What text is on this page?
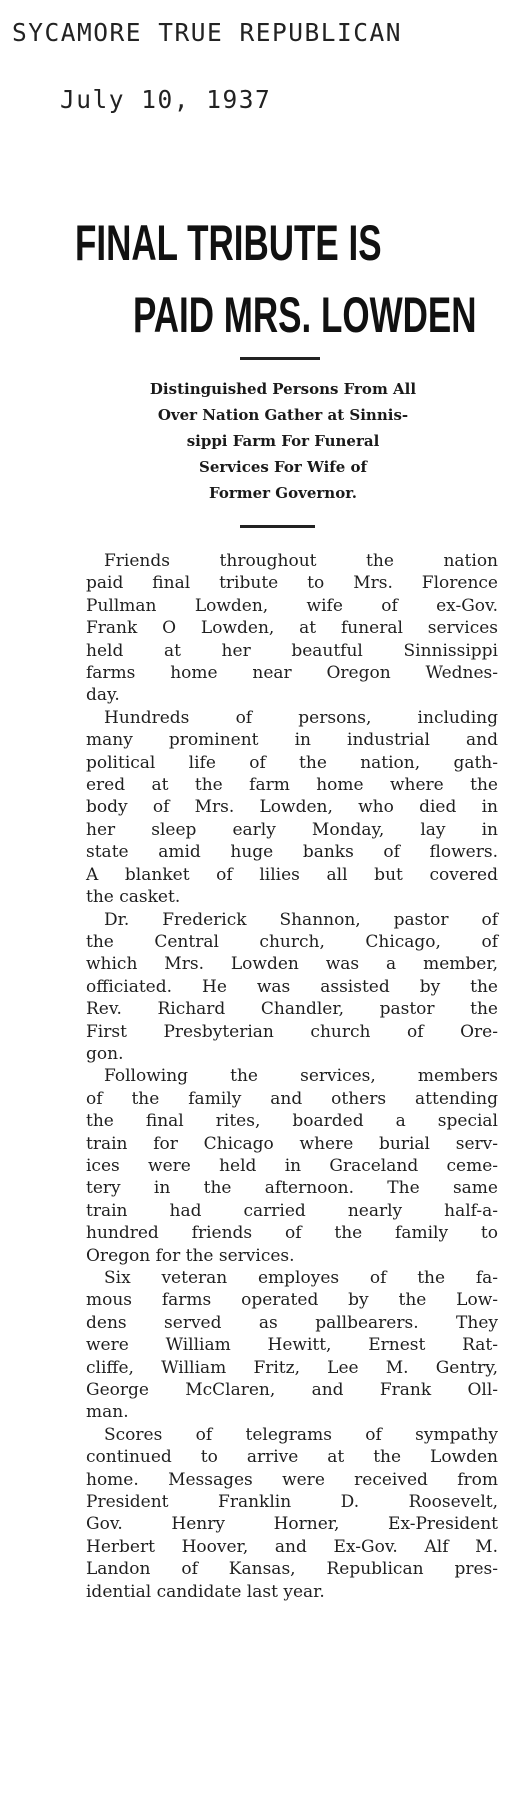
SYCAMORE TRUE REPUBLICAN
July 10, 1937
FINAL TRIBUTE IS
PAID MRS. LOWDEN
Distinguished Persons From All
Over Nation Gather at Sinnis-
sippi Farm For Funeral
Services For Wife of
Former Governor.
Friends throughout the nation
paid final tribute to Mrs. Florence
Pullman Lowden, wife of ex-Gov.
Frank O Lowden, at funeral services
held at her beautful Sinnissippi
farms home near Oregon Wednes-
day.
Hundreds of persons, including
many prominent in industrial and
political life of the nation, gath-
ered at the farm home where the
body of Mrs. Lowden, who died in
her sleep early Monday, lay in
state amid huge banks of flowers.
A blanket of lilies all but covered
the casket.
Dr. Frederick Shannon, pastor of
the Central church, Chicago, of
which Mrs. Lowden was a member,
officiated. He was assisted by the
Rev. Richard Chandler, pastor the
First Presbyterian church of Ore-
gon.
Following the services, members
of the family and others attending
the final rites, boarded a special
train for Chicago where burial serv-
ices were held in Graceland ceme-
tery in the afternoon. The same
train had carried nearly half-a-
hundred friends of the family to
Oregon for the services.
Six veteran employes of the fa-
mous farms operated by the Low-
dens served as pallbearers. They
were William Hewitt, Ernest Rat-
cliffe, William Fritz, Lee M. Gentry,
George McClaren, and Frank Oll-
man.
Scores of telegrams of sympathy
continued to arrive at the Lowden
home. Messages were received from
President Franklin D. Roosevelt,
Gov. Henry Horner, Ex-President
Herbert Hoover, and Ex-Gov. Alf M.
Landon of Kansas, Republican pres-
idential candidate last year.
